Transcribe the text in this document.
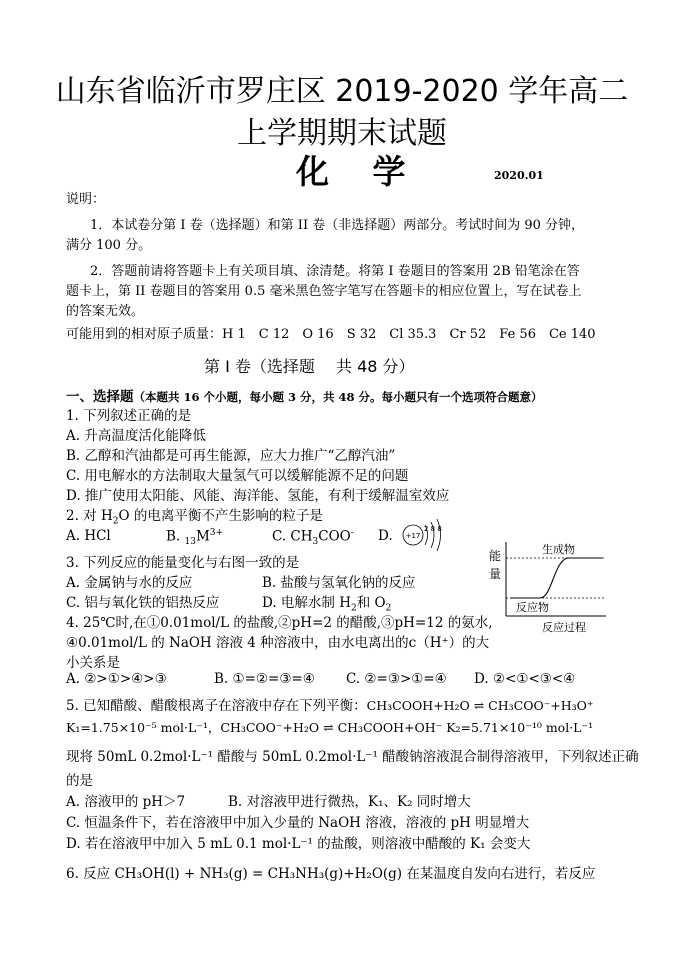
山东省临沂市罗庄区 2019-2020 学年高二
上学期期末试题
化 学	2020.01
说明：
1．本试卷分第 I 卷（选择题）和第 II 卷（非选择题）两部分。考试时间为 90 分钟，
满分 100 分。
2．答题前请将答题卡上有关项目填、涂清楚。将第 I 卷题目的答案用 2B 铅笔涂在答
题卡上，第 II 卷题目的答案用 0.5 毫米黑色签字笔写在答题卡的相应位置上，写在试卷上
的答案无效。
可能用到的相对原子质量：H 1　C 12　O 16　S 32　Cl 35.3　Cr 52　Fe 56　Ce 140
第 I 卷（选择题　 共 48 分）
一、选择题（本题共 16 个小题，每小题 3 分，共 48 分。每小题只有一个选项符合题意）
1. 下列叙述正确的是
A. 升高温度活化能降低
B. 乙醇和汽油都是可再生能源，应大力推广“乙醇汽油”
C. 用电解水的方法制取大量氢气可以缓解能源不足的问题
D. 推广使用太阳能、风能、海洋能、氢能，有利于缓解温室效应
2. 对 $H_2O$ 的电离平衡不产生影响的粒子是
A. HCl	B. $_{13}M^{3+}$	C. $CH_3COO^-$ D. +17
2 8 8
3. 下列反应的能量变化与右图一致的是
A. 金属钠与水的反应	B. 盐酸与氢氧化钠的反应
C. 铝与氧化铁的铝热反应	D. 电解水制 $H_2$和 $O_2$
能
量
生成物
反应物
反应过程
4. 25℃时,在①0.01mol/L 的盐酸,②pH=2 的醋酸,③pH=12 的氨水,
④0.01mol/L 的 NaOH 溶液 4 种溶液中，由水电离出的c（H⁺）的大
小关系是
A. ②>①>④>③	B. ①=②=③=④ C. ②=③>①=④ D. ②<①<③<④
5. 已知醋酸、醋酸根离子在溶液中存在下列平衡：CH₃COOH+H₂O ⇌ CH₃COO⁻+H₃O⁺
K₁=1.75×10⁻⁵ mol·L⁻¹，CH₃COO⁻+H₂O ⇌ CH₃COOH+OH⁻ K₂=5.71×10⁻¹⁰ mol·L⁻¹
现将 50mL 0.2mol·L⁻¹ 醋酸与 50mL 0.2mol·L⁻¹ 醋酸钠溶液混合制得溶液甲，下列叙述正确
的是
A. 溶液甲的 pH＞7	B. 对溶液甲进行微热，K₁、K₂ 同时增大
C. 恒温条件下，若在溶液甲中加入少量的 NaOH 溶液，溶液的 pH 明显增大
D. 若在溶液甲中加入 5 mL 0.1 mol·L⁻¹ 的盐酸，则溶液中醋酸的 K₁ 会变大
6. 反应 CH₃OH(l) + NH₃(g) = CH₃NH₃(g)+H₂O(g) 在某温度自发向右进行，若反应
